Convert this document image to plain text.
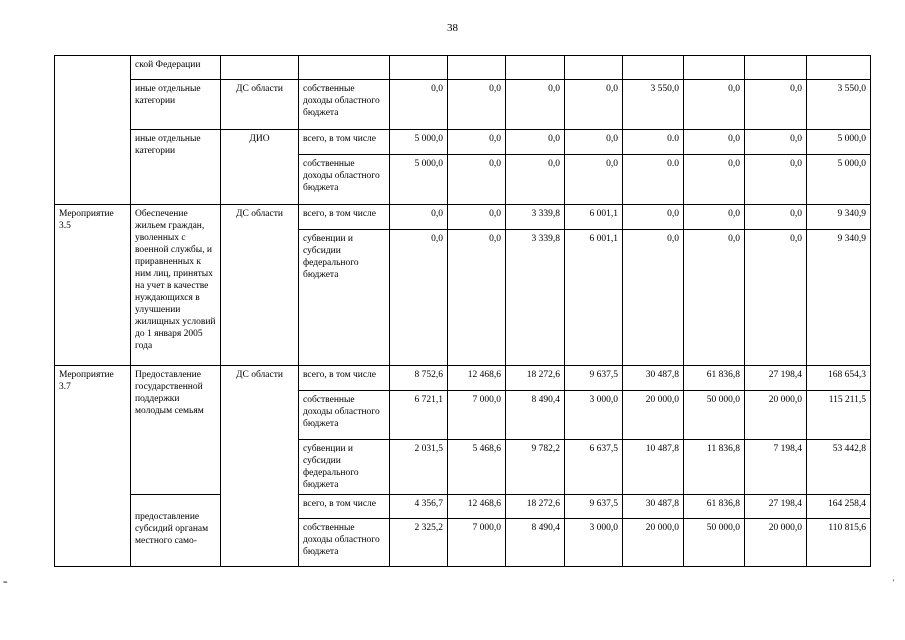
38
	ской Федерации										
	иные отдельные категории	ДС области	собственные доходы областного бюджета	0,0	0,0	0,0	0,0	3 550,0	0,0	0,0	3 550,0
	иные отдельные категории	ДИО	всего, в том числе	5 000,0	0,0	0,0	0,0	0.0	0,0	0,0	5 000,0
			собственные доходы областного бюджета	5 000,0	0,0	0,0	0,0	0.0	0,0	0,0	5 000,0
Мероприятие 3.5	Обеспечение жильем граждан, уволенных с военной службы, и приравненных к ним лиц, принятых на учет в качестве нуждающихся в улучшении жилищных условий до 1 января 2005 года	ДС области	всего, в том числе	0,0	0,0	3 339,8	6 001,1	0,0	0,0	0,0	9 340,9
			субвенции и субсидии федерального бюджета	0,0	0,0	3 339,8	6 001,1	0,0	0,0	0,0	9 340,9
Мероприятие 3.7	Предоставление государственной поддержки молодым семьям	ДС области	всего, в том числе	8 752,6	12 468,6	18 272,6	9 637,5	30 487,8	61 836,8	27 198,4	168 654,3
			собственные доходы областного бюджета	6 721,1	7 000,0	8 490,4	3 000,0	20 000,0	50 000,0	20 000,0	115 211,5
			субвенции и субсидии федерального бюджета	2 031,5	5 468,6	9 782,2	6 637,5	10 487,8	11 836,8	7 198,4	53 442,8
	предоставление субсидий органам местного само-		всего, в том числе	4 356,7	12 468,6	18 272,6	9 637,5	30 487,8	61 836,8	27 198,4	164 258,4
			собственные доходы областного бюджета	2 325,2	7 000,0	8 490,4	3 000,0	20 000,0	50 000,0	20 000,0	110 815,6
=	'
